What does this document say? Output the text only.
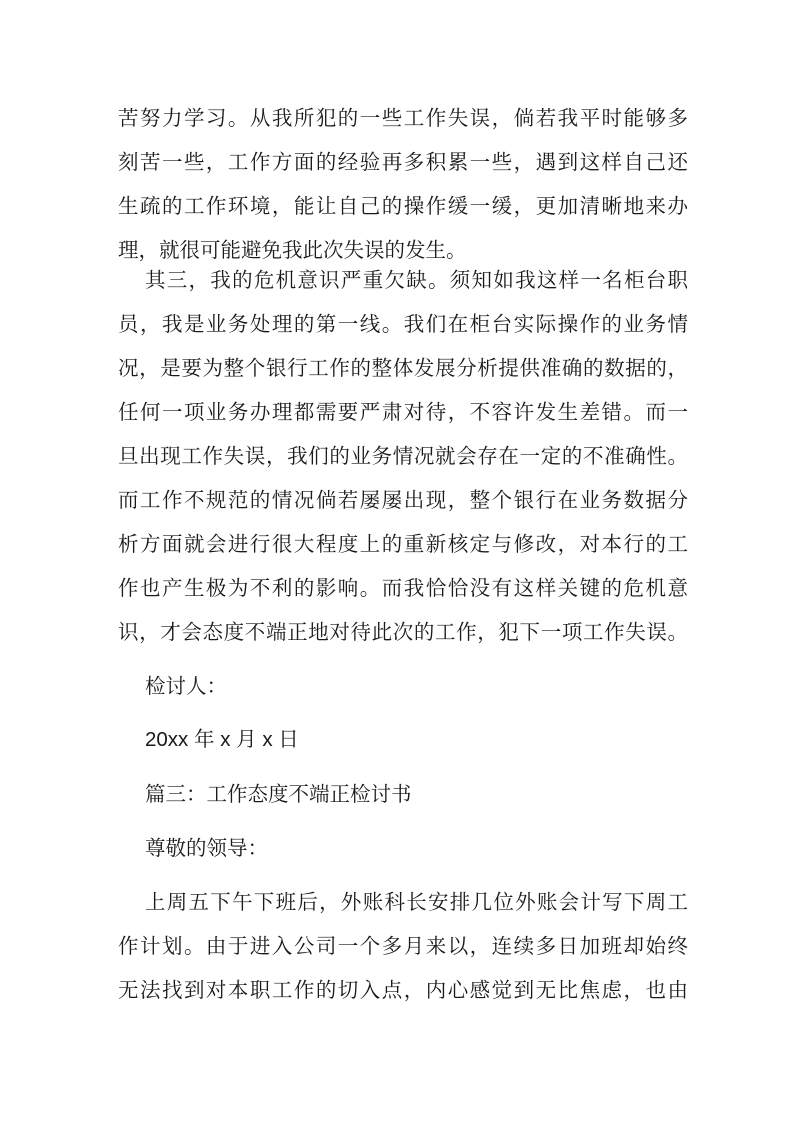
苦努力学习。从我所犯的一些工作失误，倘若我平时能够多
刻苦一些，工作方面的经验再多积累一些，遇到这样自己还
生疏的工作环境，能让自己的操作缓一缓，更加清晰地来办
理，就很可能避免我此次失误的发生。
其三，我的危机意识严重欠缺。须知如我这样一名柜台职
员，我是业务处理的第一线。我们在柜台实际操作的业务情
况，是要为整个银行工作的整体发展分析提供准确的数据的，
任何一项业务办理都需要严肃对待，不容许发生差错。而一
旦出现工作失误，我们的业务情况就会存在一定的不准确性。
而工作不规范的情况倘若屡屡出现，整个银行在业务数据分
析方面就会进行很大程度上的重新核定与修改，对本行的工
作也产生极为不利的影响。而我恰恰没有这样关键的危机意
识，才会态度不端正地对待此次的工作，犯下一项工作失误。

检讨人：

20xx 年 x 月 x 日

篇三：工作态度不端正检讨书

尊敬的领导：

上周五下午下班后，外账科长安排几位外账会计写下周工
作计划。由于进入公司一个多月来以，连续多日加班却始终
无法找到对本职工作的切入点，内心感觉到无比焦虑，也由
